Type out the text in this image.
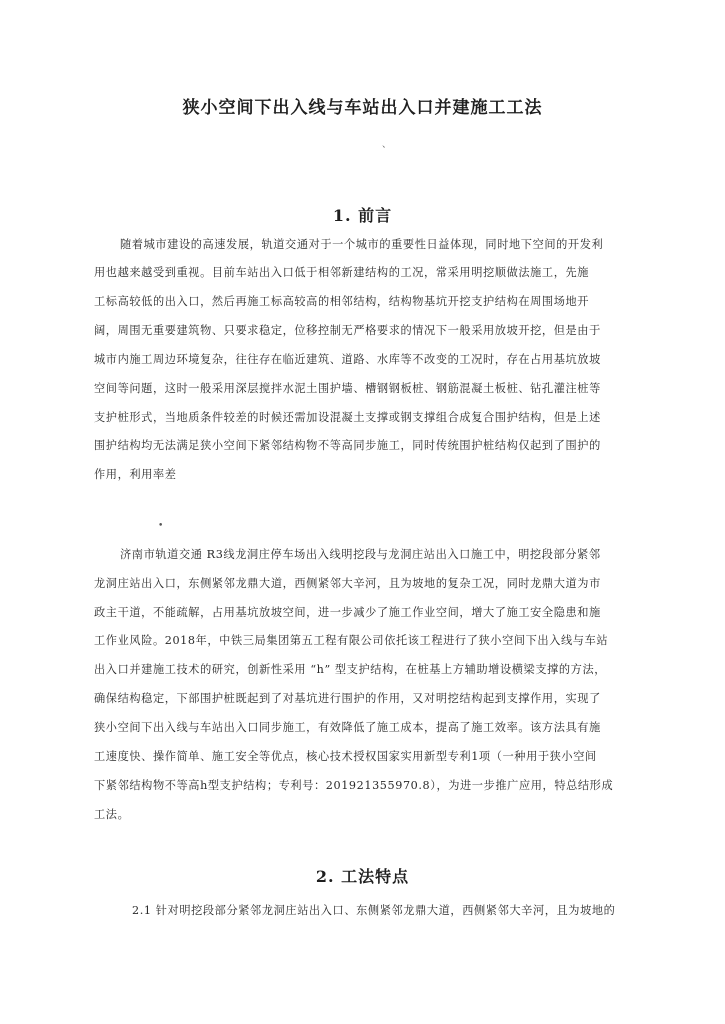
狭小空间下出入线与车站出入口并建施工工法
、
1. 前言
随着城市建设的高速发展，轨道交通对于一个城市的重要性日益体现，同时地下空间的开发利
用也越来越受到重视。目前车站出入口低于相邻新建结构的工况，常采用明挖顺做法施工，先施
工标高较低的出入口，然后再施工标高较高的相邻结构，结构物基坑开挖支护结构在周围场地开
阔，周围无重要建筑物、只要求稳定，位移控制无严格要求的情况下一般采用放坡开挖，但是由于
城市内施工周边环境复杂，往往存在临近建筑、道路、水库等不改变的工况时，存在占用基坑放坡
空间等问题，这时一般采用深层搅拌水泥土围护墙、槽钢钢板桩、钢筋混凝土板桩、钻孔灌注桩等
支护桩形式，当地质条件较差的时候还需加设混凝土支撑或钢支撑组合成复合围护结构，但是上述
围护结构均无法满足狭小空间下紧邻结构物不等高同步施工，同时传统围护桩结构仅起到了围护的
作用，利用率差
•
济南市轨道交通 R3线龙洞庄停车场出入线明挖段与龙洞庄站出入口施工中，明挖段部分紧邻
龙洞庄站出入口，东侧紧邻龙鼎大道，西侧紧邻大辛河，且为坡地的复杂工况，同时龙鼎大道为市
政主干道，不能疏解，占用基坑放坡空间，进一步减少了施工作业空间，增大了施工安全隐患和施
工作业风险。2018年，中铁三局集团第五工程有限公司依托该工程进行了狭小空间下出入线与车站
出入口并建施工技术的研究，创新性采用 “h” 型支护结构，在桩基上方辅助增设横梁支撑的方法，
确保结构稳定，下部围护桩既起到了对基坑进行围护的作用，又对明挖结构起到支撑作用，实现了
狭小空间下出入线与车站出入口同步施工，有效降低了施工成本，提高了施工效率。该方法具有施
工速度快、操作简单、施工安全等优点，核心技术授权国家实用新型专利1项（一种用于狭小空间
下紧邻结构物不等高h型支护结构；专利号：201921355970.8），为进一步推广应用，特总结形成
工法。
2. 工法特点
2.1 针对明挖段部分紧邻龙洞庄站出入口、东侧紧邻龙鼎大道，西侧紧邻大辛河，且为坡地的
